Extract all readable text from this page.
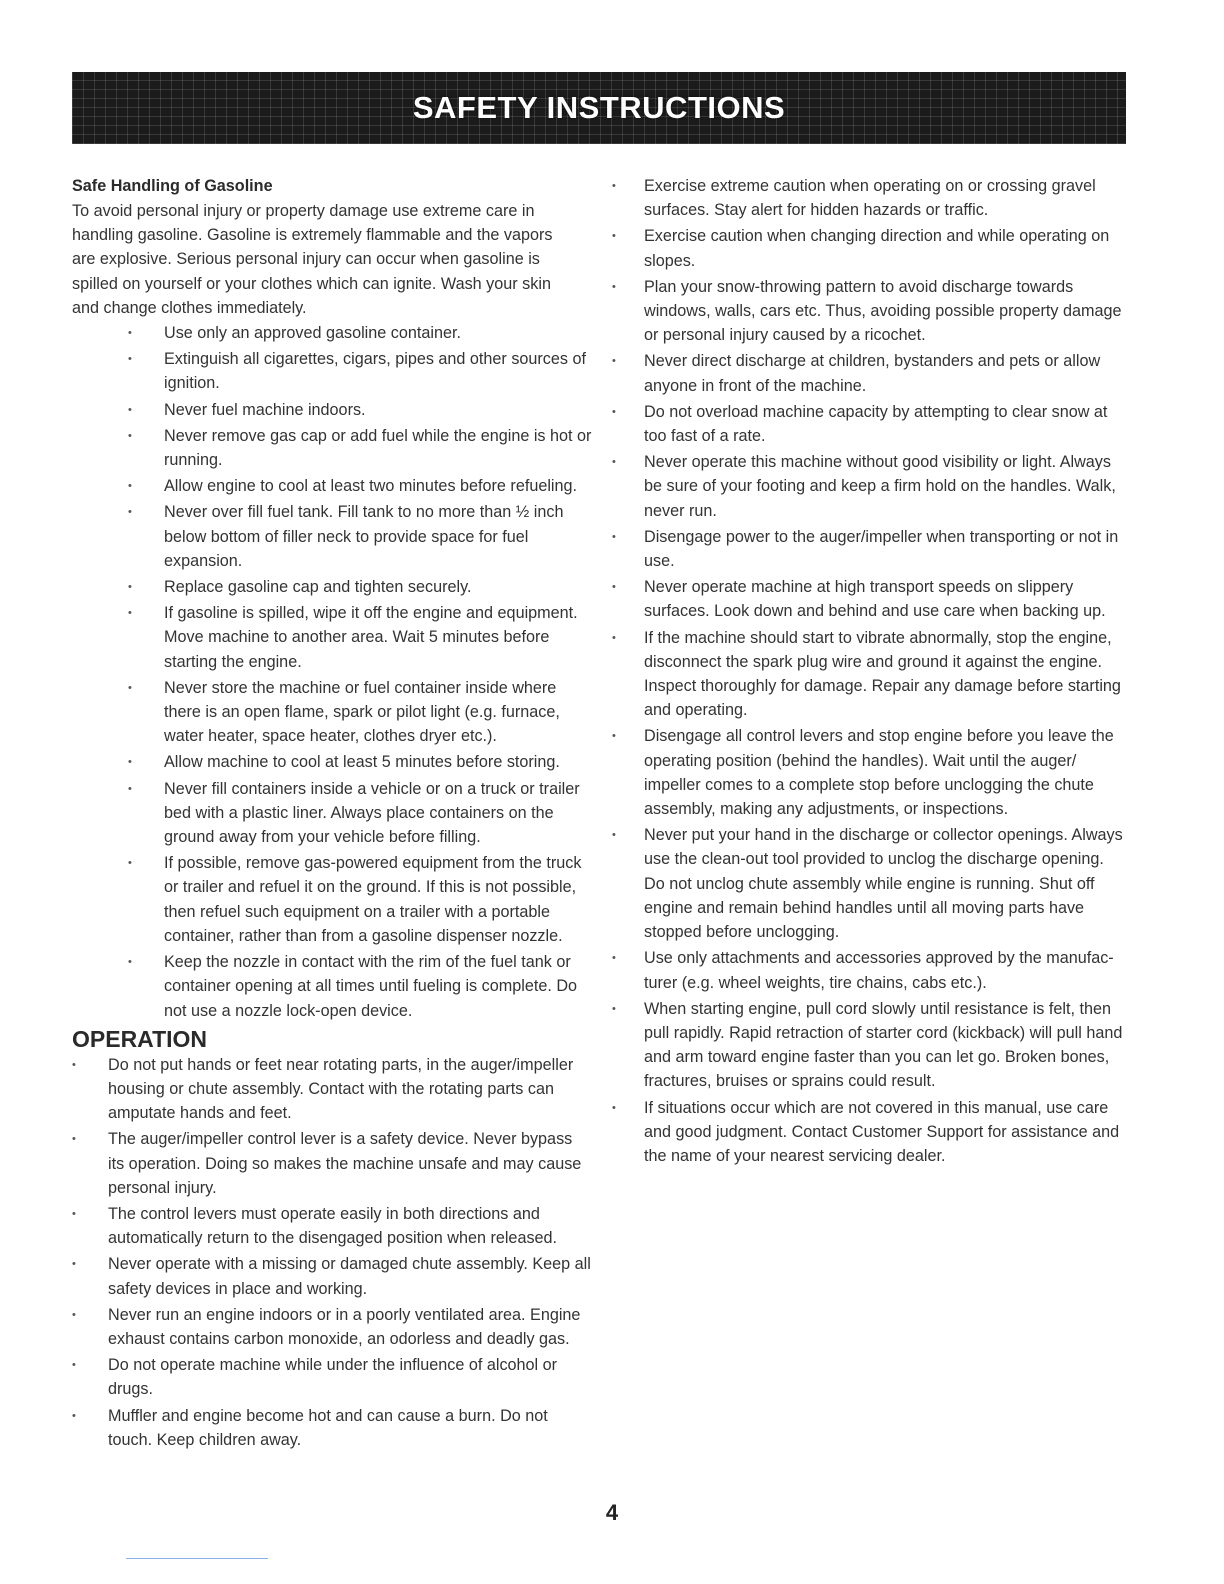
SAFETY INSTRUCTIONS
Safe Handling of Gasoline
To avoid personal injury or property damage use extreme care in handling gasoline. Gasoline is extremely flammable and the vapors are explosive. Serious personal injury can occur when gasoline is spilled on yourself or your clothes which can ignite. Wash your skin and change clothes immediately.
• Use only an approved gasoline container.
• Extinguish all cigarettes, cigars, pipes and other sources of ignition.
• Never fuel machine indoors.
• Never remove gas cap or add fuel while the engine is hot or running.
• Allow engine to cool at least two minutes before refueling.
• Never over fill fuel tank. Fill tank to no more than ½ inch below bottom of filler neck to provide space for fuel expansion.
• Replace gasoline cap and tighten securely.
• If gasoline is spilled, wipe it off the engine and equipment. Move machine to another area. Wait 5 minutes before starting the engine.
• Never store the machine or fuel container inside where there is an open flame, spark or pilot light (e.g. furnace, water heater, space heater, clothes dryer etc.).
• Allow machine to cool at least 5 minutes before storing.
• Never fill containers inside a vehicle or on a truck or trailer bed with a plastic liner. Always place containers on the ground away from your vehicle before filling.
• If possible, remove gas-powered equipment from the truck or trailer and refuel it on the ground. If this is not possible, then refuel such equipment on a trailer with a portable container, rather than from a gasoline dispenser nozzle.
• Keep the nozzle in contact with the rim of the fuel tank or container opening at all times until fueling is complete. Do not use a nozzle lock-open device.
OPERATION
• Do not put hands or feet near rotating parts, in the auger/impeller housing or chute assembly. Contact with the rotating parts can amputate hands and feet.
• The auger/impeller control lever is a safety device. Never bypass its operation. Doing so makes the machine unsafe and may cause personal injury.
• The control levers must operate easily in both directions and automatically return to the disengaged position when released.
• Never operate with a missing or damaged chute assembly. Keep all safety devices in place and working.
• Never run an engine indoors or in a poorly ventilated area. Engine exhaust contains carbon monoxide, an odorless and deadly gas.
• Do not operate machine while under the influence of alcohol or drugs.
• Muffler and engine become hot and can cause a burn. Do not touch. Keep children away.
• Exercise extreme caution when operating on or crossing gravel surfaces. Stay alert for hidden hazards or traffic.
• Exercise caution when changing direction and while operating on slopes.
• Plan your snow-throwing pattern to avoid discharge towards windows, walls, cars etc. Thus, avoiding possible property damage or personal injury caused by a ricochet.
• Never direct discharge at children, bystanders and pets or allow anyone in front of the machine.
• Do not overload machine capacity by attempting to clear snow at too fast of a rate.
• Never operate this machine without good visibility or light. Always be sure of your footing and keep a firm hold on the handles. Walk, never run.
• Disengage power to the auger/impeller when transporting or not in use.
• Never operate machine at high transport speeds on slippery surfaces. Look down and behind and use care when backing up.
• If the machine should start to vibrate abnormally, stop the engine, disconnect the spark plug wire and ground it against the engine. Inspect thoroughly for damage. Repair any damage before starting and operating.
• Disengage all control levers and stop engine before you leave the operating position (behind the handles). Wait until the auger/ impeller comes to a complete stop before unclogging the chute assembly, making any adjustments, or inspections.
• Never put your hand in the discharge or collector openings. Always use the clean-out tool provided to unclog the discharge opening. Do not unclog chute assembly while engine is running. Shut off engine and remain behind handles until all moving parts have stopped before unclogging.
• Use only attachments and accessories approved by the manufac- turer (e.g. wheel weights, tire chains, cabs etc.).
• When starting engine, pull cord slowly until resistance is felt, then pull rapidly. Rapid retraction of starter cord (kickback) will pull hand and arm toward engine faster than you can let go. Broken bones, fractures, bruises or sprains could result.
• If situations occur which are not covered in this manual, use care and good judgment. Contact Customer Support for assistance and the name of your nearest servicing dealer.
4
